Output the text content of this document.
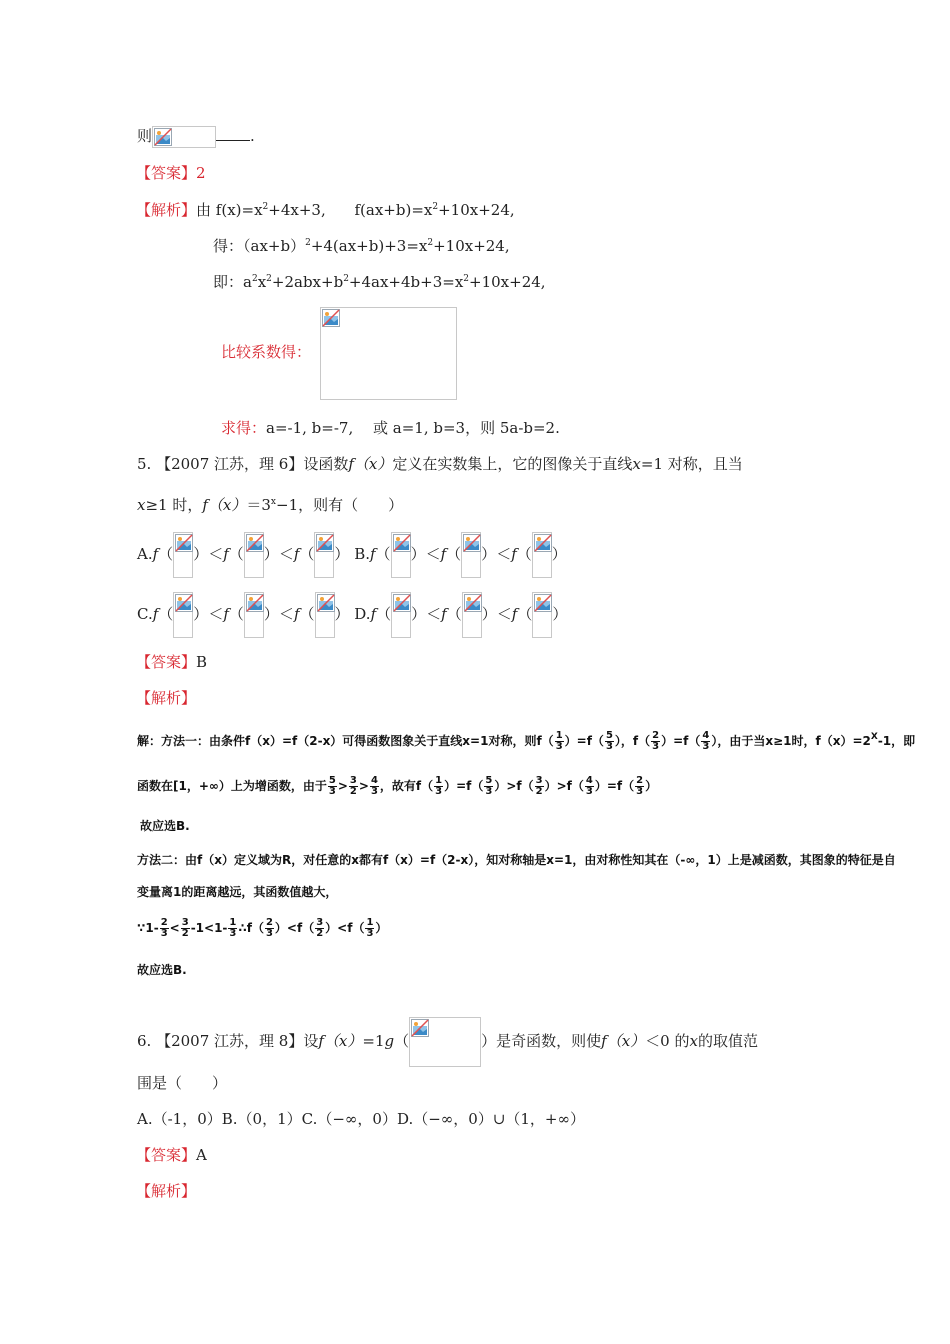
则	.
【答案】2
【解析】由 $f(x)=x^2+4x+3$, $f(ax+b)=x^2+10x+24$,
得：$(ax+b)^2+4(ax+b)+3=x^2+10x+24$,
即：$a^2x^2+2abx+b^2+4ax+4b+3=x^2+10x+24$,
比较系数得：
求得：a=-1, b=-7,　 或 a=1, b=3，则 5a-b=2.
5. 【2007 江苏，理 6】设函数f（x）定义在实数集上，它的图像关于直线x=1 对称，且当
x≥1 时，$f(x)=3^x-1$，则有（　　）
A.f（ ）＜f（ ）＜f（ ） B.f（ ）＜f（ ）＜f（ ）
C.f（ ）＜f（ ）＜f（ ） D.f（ ）＜f（ ）＜f（ ）
【答案】B
【解析】
解：方法一：由条件f（x）=f（2-x）可得函数图象关于直线x=1对称，则$f( \frac{1}{3} )=f( \frac{5}{3}$ ），$f( \frac{2}{3} )=f( \frac{4}{3}$ ），由于当x≥1时，$f(x)=2^X-1$，即
函数在[1，+∞）上为增函数，由于 $\frac{5}{3} > \frac{3}{2} > \frac{4}{3}$ ，故有$f( \frac{1}{3} )=f( \frac{5}{3} )>f( \frac{3}{2} )>f( \frac{4}{3} )=f( \frac{2}{3}$ ）
故应选B.
方法二：由f（x）定义域为R，对任意的x都有f（x）=f（2-x），知对称轴是x=1，由对称性知其在（-∞，1）上是减函数，其图象的特征是自
变量离1的距离越远，其函数值越大，
∵1- $\frac{2}{3} < \frac{3}{2} -1<1- \frac{1}{3}$ ∴f（ $\frac{2}{3} )<f( \frac{3}{2} )<f( \frac{1}{3}$ ）
故应选B.
6. 【2007 江苏，理 8】设f（x）=1g（	）是奇函数，则使f（x）＜0 的x的取值范
围是（　　）
A.（-1，0）B.（0，1）C.（−∞，0）D.（−∞，0）∪（1，+∞）
【答案】A
【解析】
